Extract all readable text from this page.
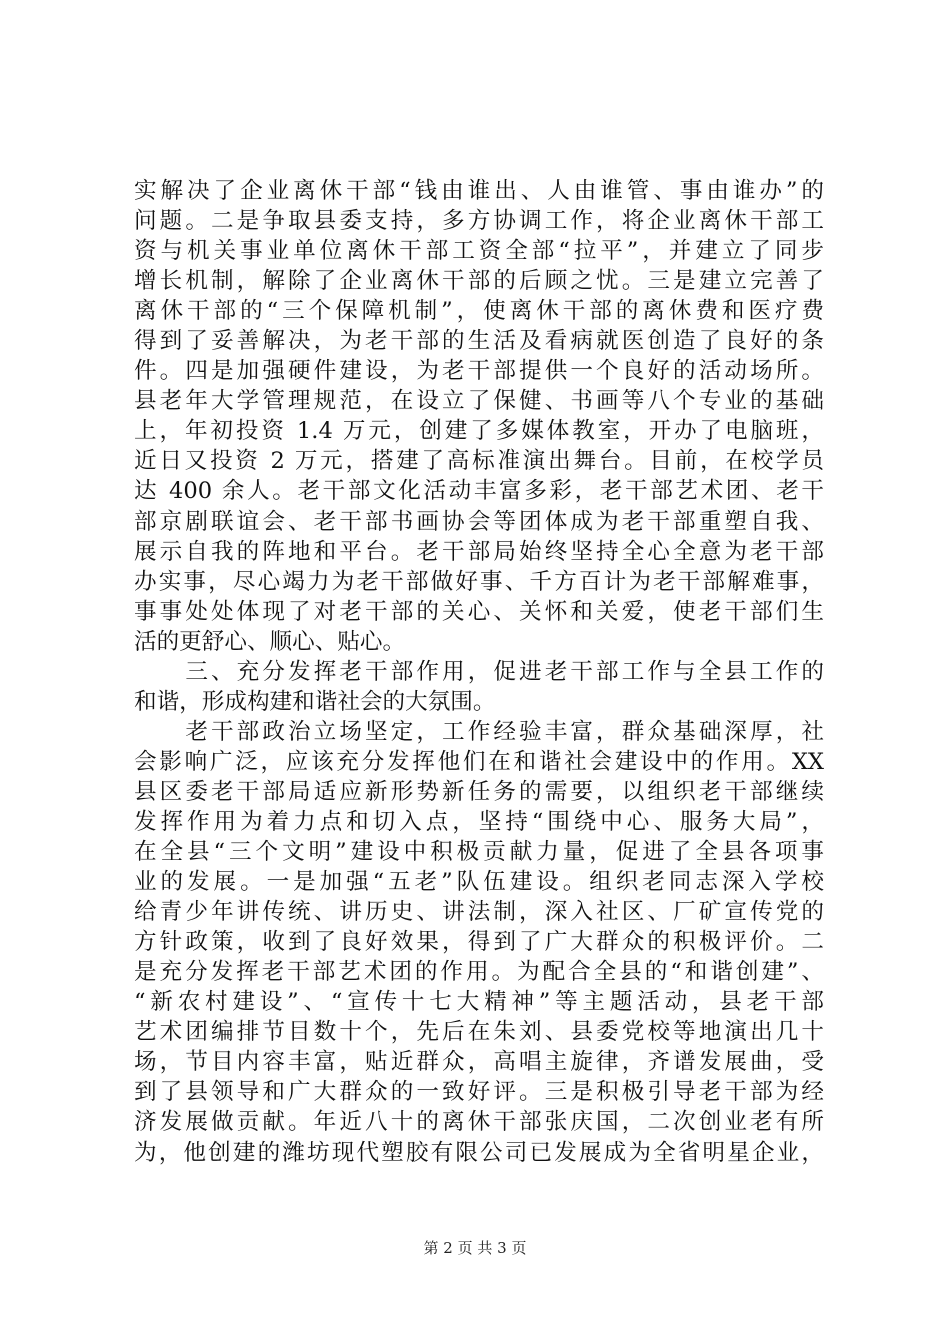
实解决了企业离休干部“钱由谁出、人由谁管、事由谁办”的
问题。二是争取县委支持，多方协调工作，将企业离休干部工
资与机关事业单位离休干部工资全部“拉平”，并建立了同步
增长机制，解除了企业离休干部的后顾之忧。三是建立完善了
离休干部的“三个保障机制”，使离休干部的离休费和医疗费
得到了妥善解决，为老干部的生活及看病就医创造了良好的条
件。四是加强硬件建设，为老干部提供一个良好的活动场所。
县老年大学管理规范，在设立了保健、书画等八个专业的基础
上，年初投资 1.4 万元，创建了多媒体教室，开办了电脑班，
近日又投资 2 万元，搭建了高标准演出舞台。目前，在校学员
达 400 余人。老干部文化活动丰富多彩，老干部艺术团、老干
部京剧联谊会、老干部书画协会等团体成为老干部重塑自我、
展示自我的阵地和平台。老干部局始终坚持全心全意为老干部
办实事，尽心竭力为老干部做好事、千方百计为老干部解难事，
事事处处体现了对老干部的关心、关怀和关爱，使老干部们生
活的更舒心、顺心、贴心。
　　三、充分发挥老干部作用，促进老干部工作与全县工作的
和谐，形成构建和谐社会的大氛围。
　　老干部政治立场坚定，工作经验丰富，群众基础深厚，社
会影响广泛，应该充分发挥他们在和谐社会建设中的作用。XX
县区委老干部局适应新形势新任务的需要，以组织老干部继续
发挥作用为着力点和切入点，坚持“围绕中心、服务大局”，
在全县“三个文明”建设中积极贡献力量，促进了全县各项事
业的发展。一是加强“五老”队伍建设。组织老同志深入学校
给青少年讲传统、讲历史、讲法制，深入社区、厂矿宣传党的
方针政策，收到了良好效果，得到了广大群众的积极评价。二
是充分发挥老干部艺术团的作用。为配合全县的“和谐创建”、
“新农村建设”、“宣传十七大精神”等主题活动，县老干部
艺术团编排节目数十个，先后在朱刘、县委党校等地演出几十
场，节目内容丰富，贴近群众，高唱主旋律，齐谱发展曲，受
到了县领导和广大群众的一致好评。三是积极引导老干部为经
济发展做贡献。年近八十的离休干部张庆国，二次创业老有所
为，他创建的潍坊现代塑胶有限公司已发展成为全省明星企业，
第 2 页 共 3 页
